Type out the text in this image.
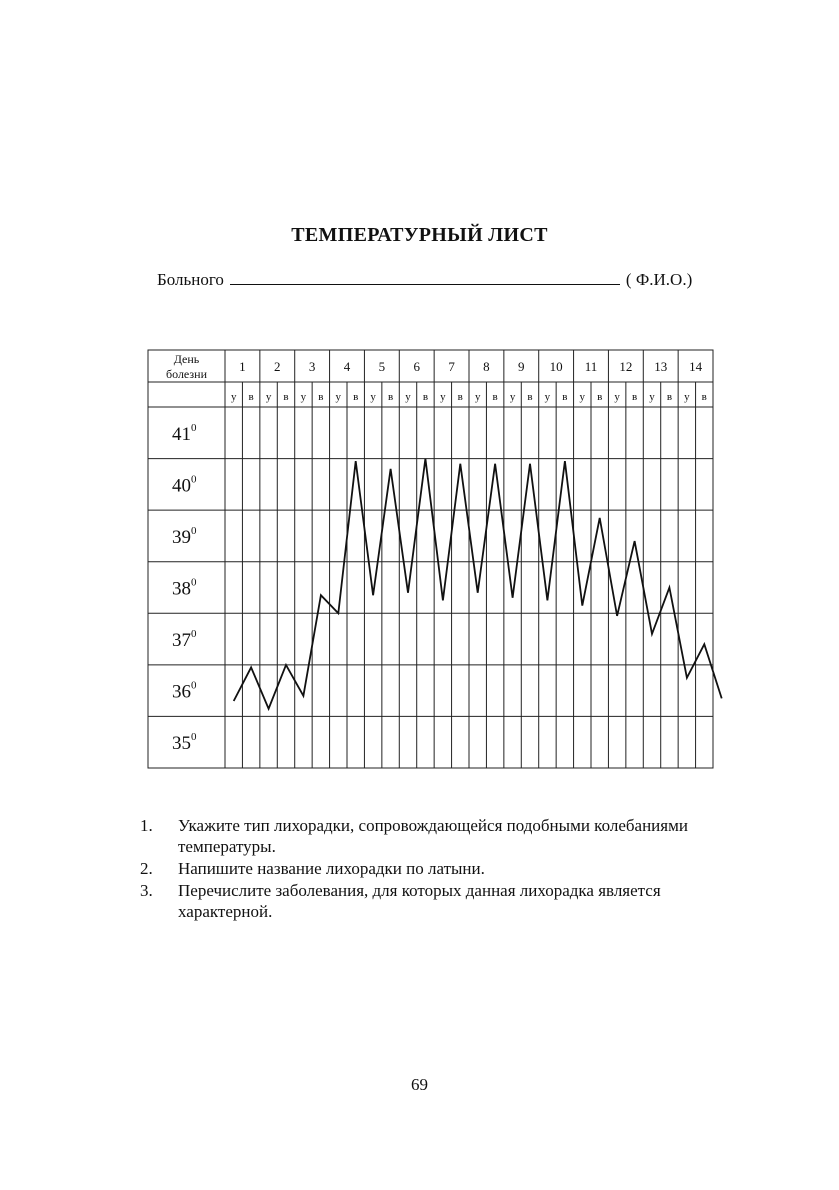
ТЕМПЕРАТУРНЫЙ ЛИСТ
Больного	( Ф.И.О.)
День
болезни 1 2 3 4 5 6 7 8 9 10 11 12 13 14
у в у в у в у в у в у в у в у в у в у в у в у в у в у в
$41^0$
$40^0$
$39^0$
$38^0$
$37^0$
$36^0$
$35^0$
1. Укажите тип лихорадки, сопровождающейся подобными колебаниями температуры.
2. Напишите название лихорадки по латыни.
3. Перечислите заболевания, для которых данная лихорадка является характерной.
69
